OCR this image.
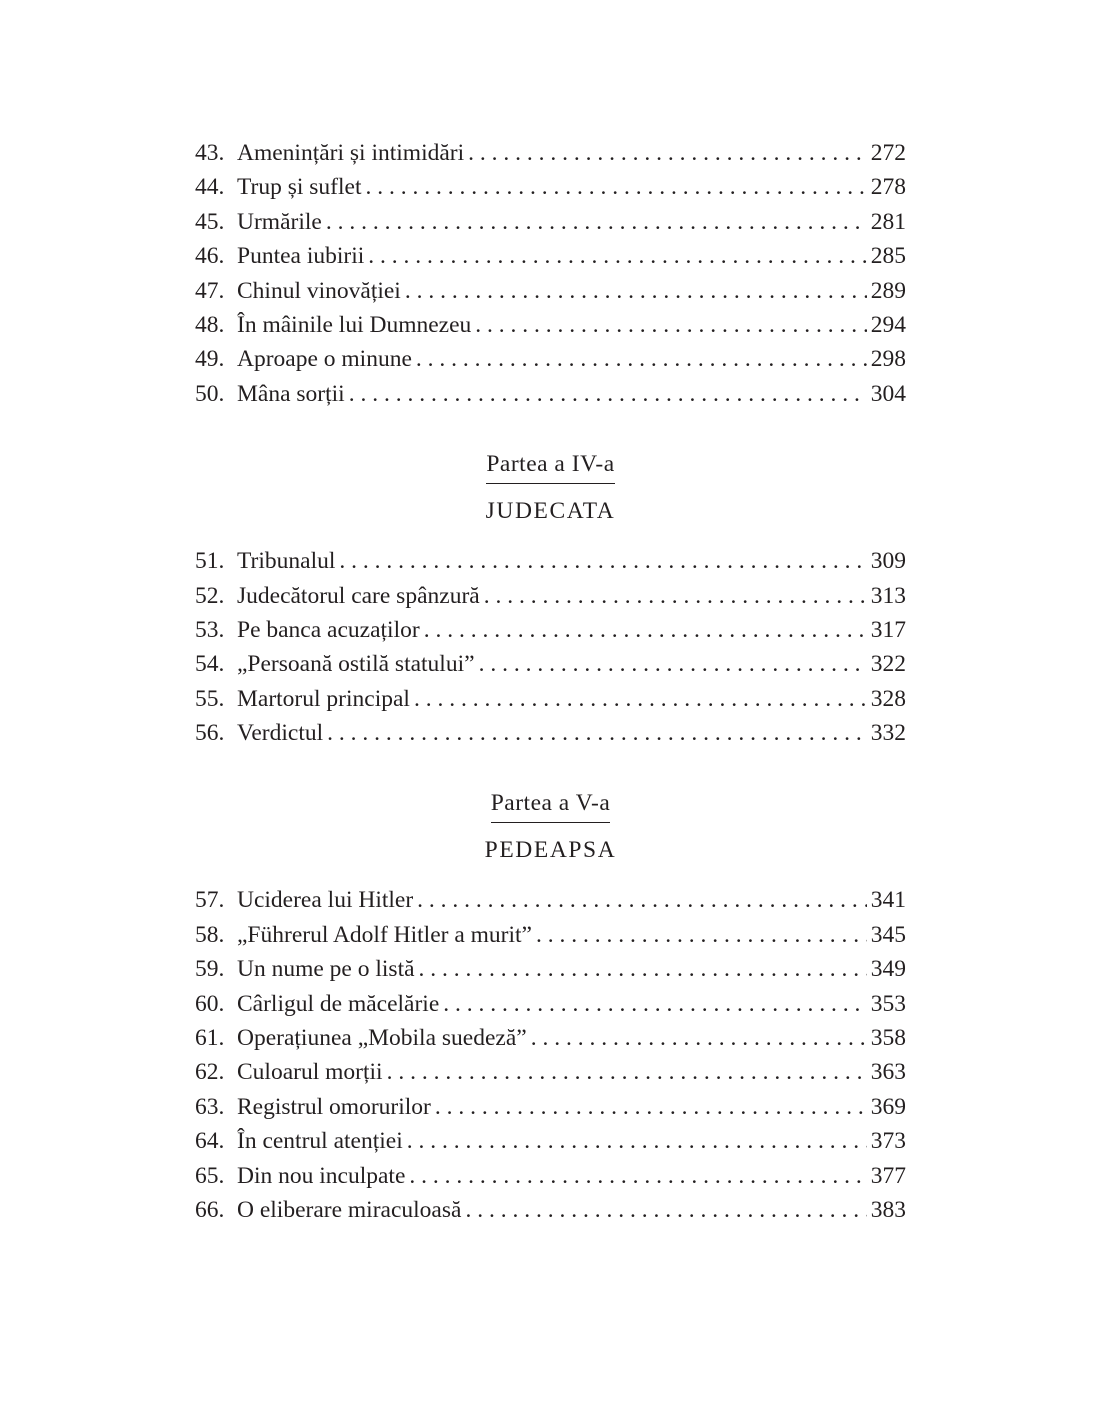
43. Amenințări și intimidări . . .	272
44. Trup și suflet . . .	278
45. Urmările . . .	281
46. Puntea iubirii . . .	285
47. Chinul vinovăției . . .	289
48. În mâinile lui Dumnezeu . . .	294
49. Aproape o minune . . .	298
50. Mâna sorții . . .	304
Partea a IV-a
JUDECATA
51. Tribunalul . . .	309
52. Judecătorul care spânzură . . .	313
53. Pe banca acuzaților . . .	317
54. „Persoană ostilă statului” . . .	322
55. Martorul principal . . .	328
56. Verdictul . . .	332
Partea a V-a
PEDEAPSA
57. Uciderea lui Hitler . . .	341
58. „Führerul Adolf Hitler a murit” . . .	345
59. Un nume pe o listă . . .	349
60. Cârligul de măcelărie . . .	353
61. Operațiunea „Mobila suedeză” . . .	358
62. Culoarul morții . . .	363
63. Registrul omorurilor . . .	369
64. În centrul atenției . . .	373
65. Din nou inculpate . . .	377
66. O eliberare miraculoasă . . .	383
